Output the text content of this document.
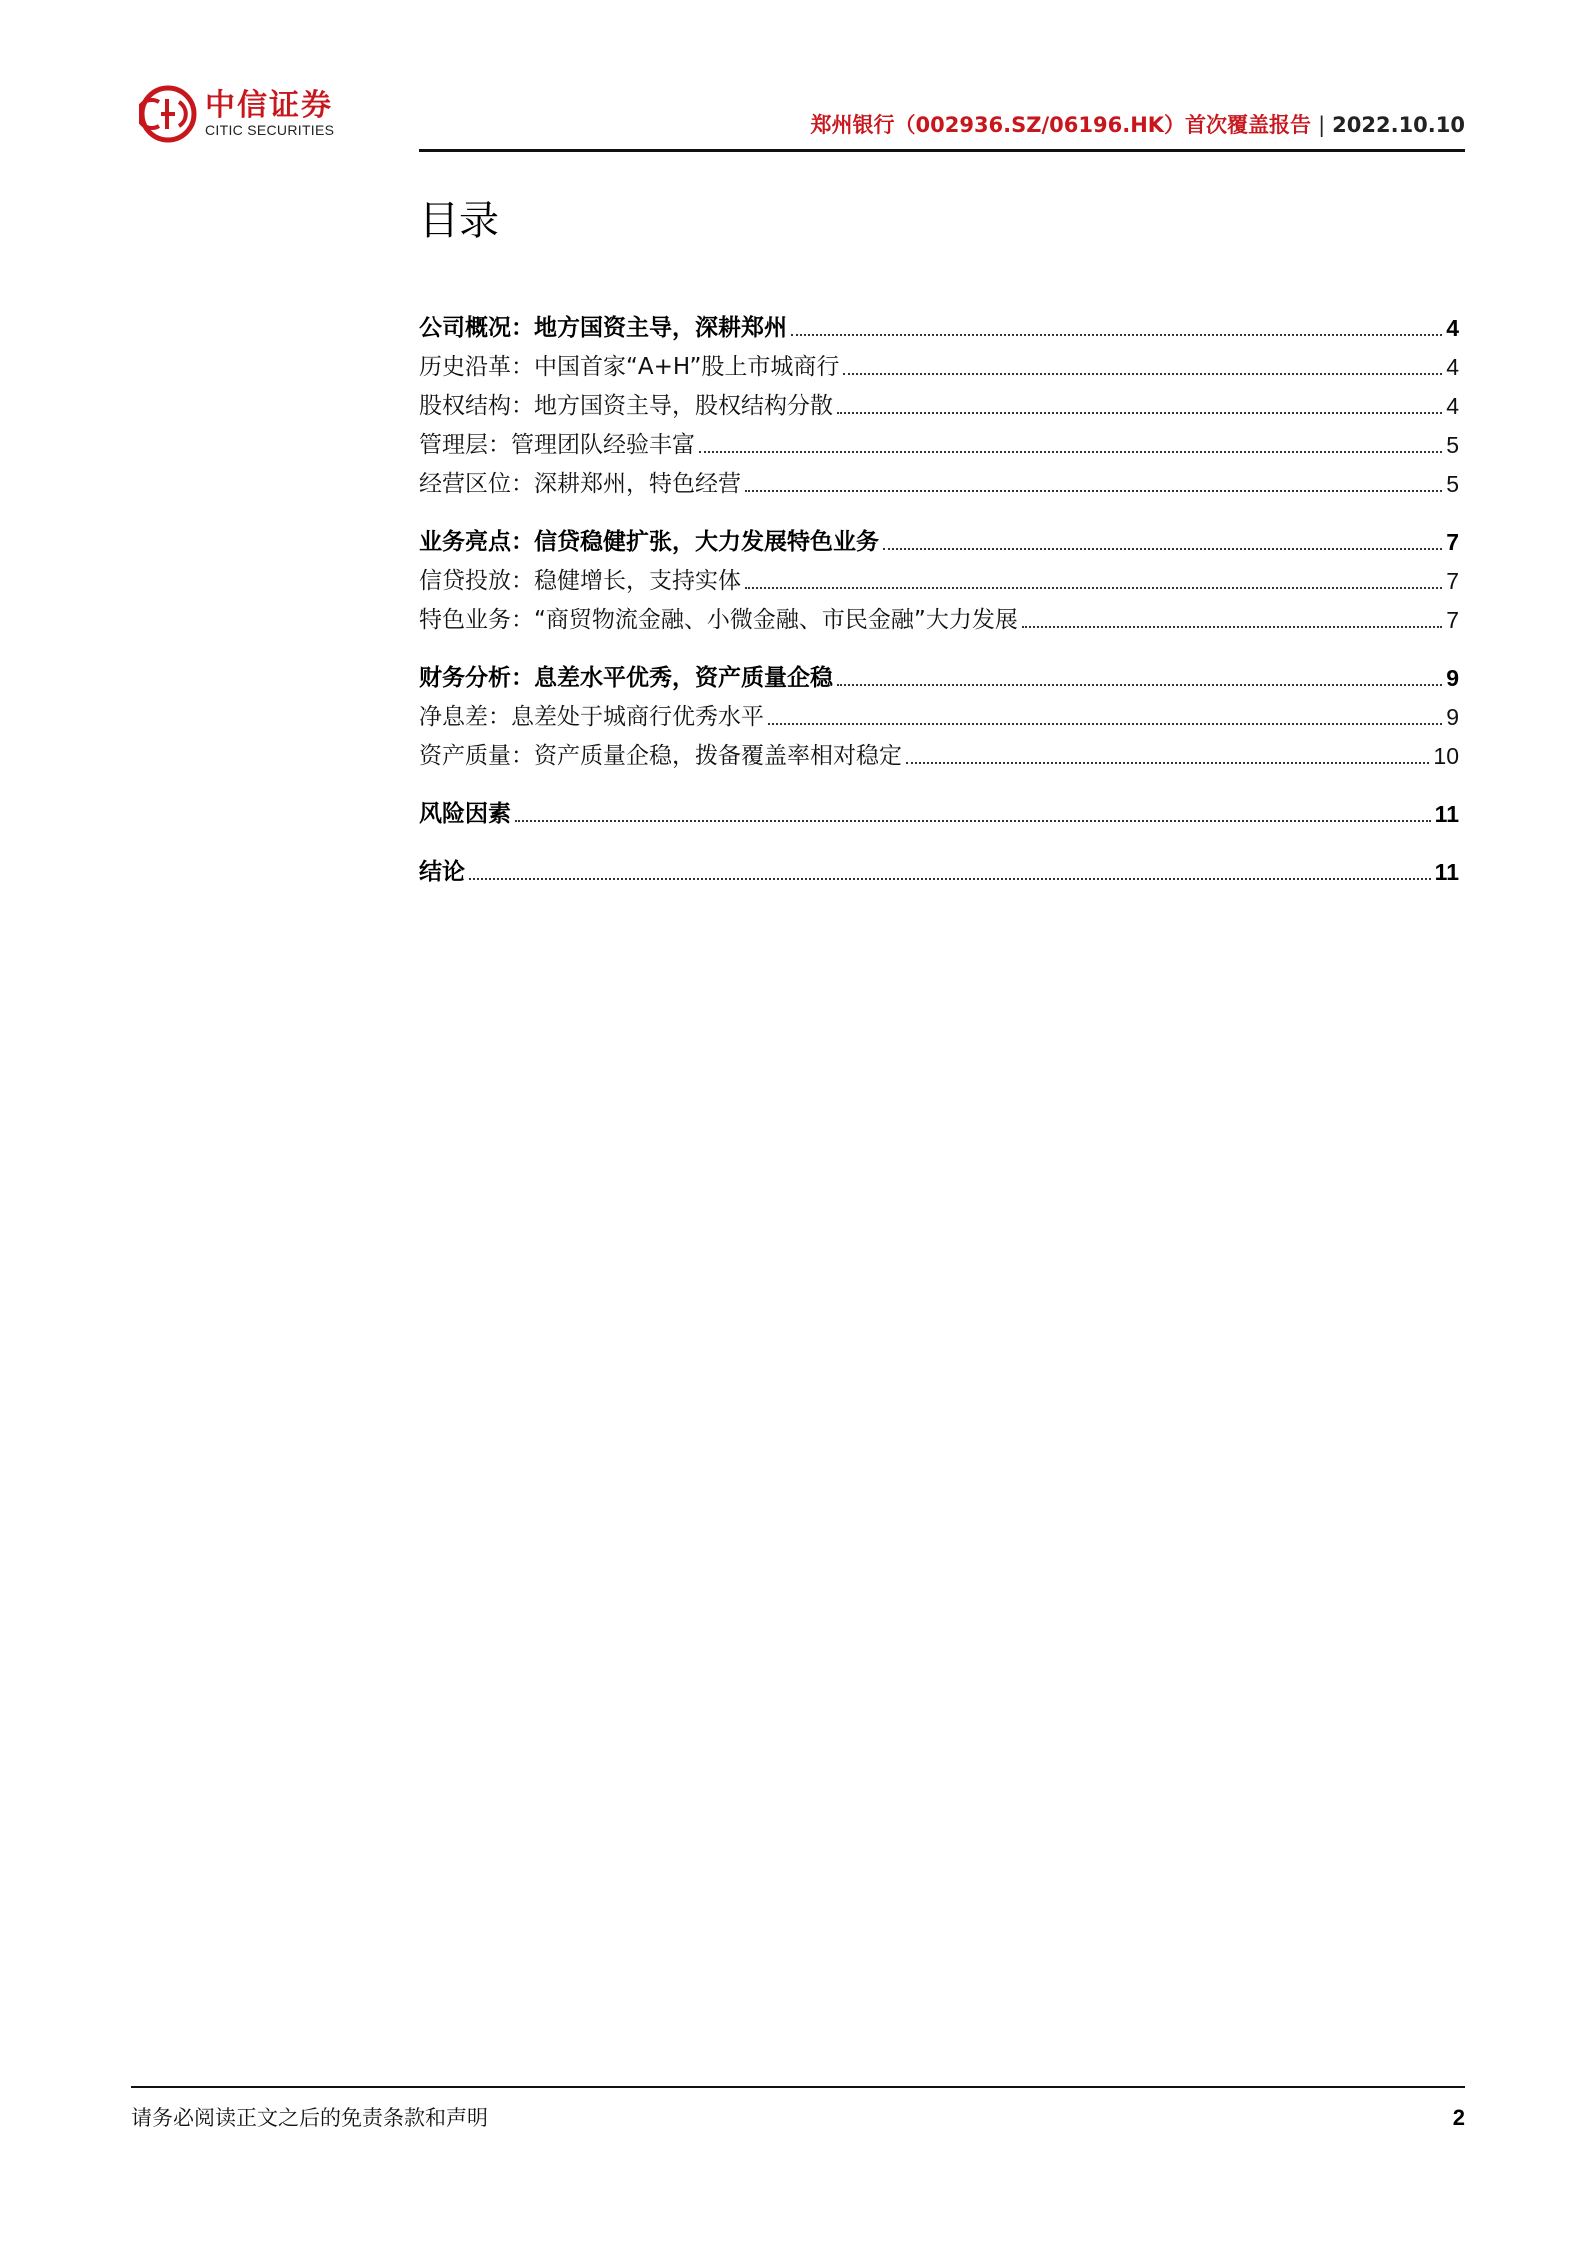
中信证券
CITIC SECURITIES	郑州银行（002936.SZ/06196.HK）首次覆盖报告 | 2022.10.10
目录
公司概况：地方国资主导，深耕郑州	4
历史沿革：中国首家“A+H”股上市城商行	4
股权结构：地方国资主导，股权结构分散	4
管理层：管理团队经验丰富	5
经营区位：深耕郑州，特色经营	5
业务亮点：信贷稳健扩张，大力发展特色业务	7
信贷投放：稳健增长，支持实体	7
特色业务：“商贸物流金融、小微金融、市民金融”大力发展	7
财务分析：息差水平优秀，资产质量企稳	9
净息差：息差处于城商行优秀水平	9
资产质量：资产质量企稳，拨备覆盖率相对稳定	10
风险因素	11
结论	11
请务必阅读正文之后的免责条款和声明	2
